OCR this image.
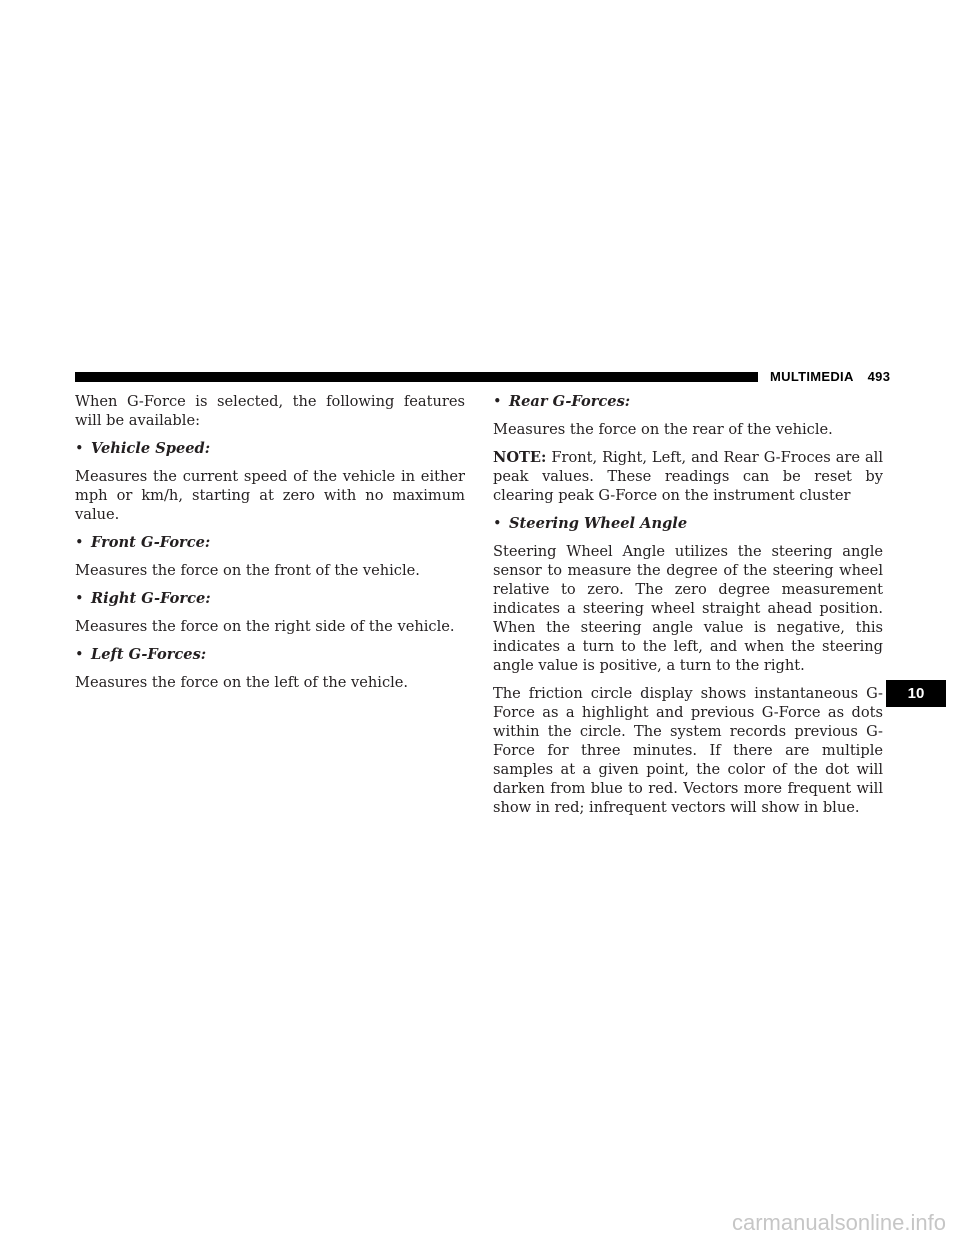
MULTIMEDIA 493

When G-Force is selected, the following features will be available:

• Vehicle Speed:

Measures the current speed of the vehicle in either mph or km/h, starting at zero with no maximum value.

• Front G-Force:

Measures the force on the front of the vehicle.

• Right G-Force:

Measures the force on the right side of the vehicle.

• Left G-Forces:

Measures the force on the left of the vehicle.

• Rear G-Forces:

Measures the force on the rear of the vehicle.

NOTE: Front, Right, Left, and Rear G-Froces are all peak values. These readings can be reset by clearing peak G-Force on the instrument cluster

• Steering Wheel Angle

Steering Wheel Angle utilizes the steering angle sensor to measure the degree of the steering wheel relative to zero. The zero degree measurement indicates a steering wheel straight ahead position. When the steering angle value is negative, this indicates a turn to the left, and when the steering angle value is positive, a turn to the right.

The friction circle display shows instantaneous G-Force as a highlight and previous G-Force as dots within the circle. The system records previous G-Force for three minutes. If there are multiple samples at a given point, the color of the dot will darken from blue to red. Vectors more frequent will show in red; infrequent vectors will show in blue.

10
carmanualsonline.info
